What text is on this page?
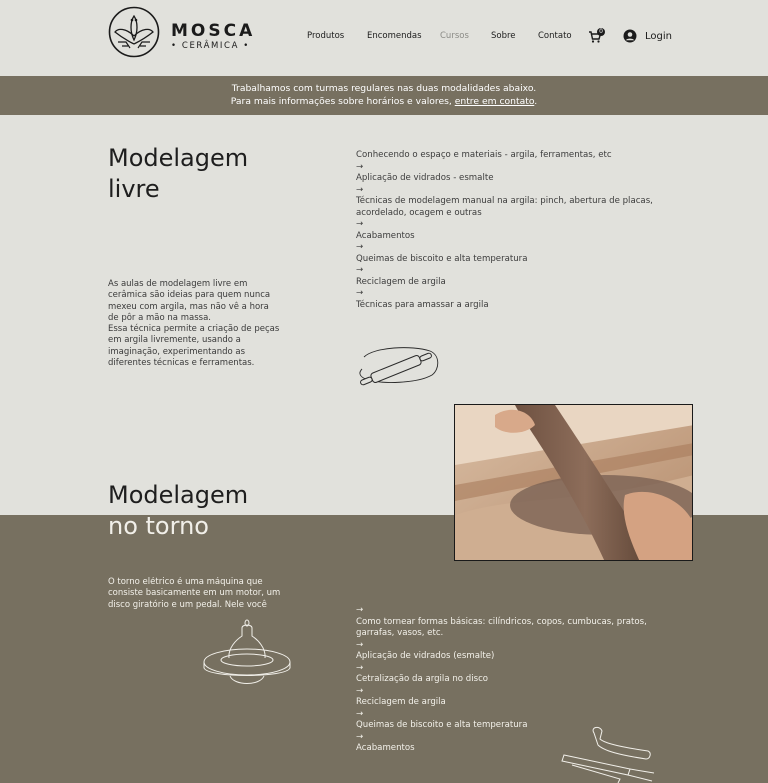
MOSCA
• CERÂMICA •
Produtos	Encomendas Cursos	Sobre	Contato	0	Login
Trabalhamos com turmas regulares nas duas modalidades abaixo.
Para mais informações sobre horários e valores, entre em contato.
Modelagem
livre
As aulas de modelagem livre em
cerâmica são ideias para quem nunca
mexeu com argila, mas não vê a hora
de pôr a mão na massa.
Essa técnica permite a criação de peças
em argila livremente, usando a
imaginação, experimentando as
diferentes técnicas e ferramentas.
Conhecendo o espaço e materiais - argila, ferramentas, etc
→
Aplicação de vidrados - esmalte
→
Técnicas de modelagem manual na argila: pinch, abertura de placas, acordelado, ocagem e outras
→
Acabamentos
→
Queimas de biscoito e alta temperatura
→
Reciclagem de argila
→
Técnicas para amassar a argila
Modelagem
no torno
O torno elétrico é uma máquina que
consiste basicamente em um motor, um
disco giratório e um pedal. Nele você
→
Como tornear formas básicas: cilíndricos, copos, cumbucas, pratos, garrafas, vasos, etc.
→
Aplicação de vidrados (esmalte)
→
Cetralização da argila no disco
→
Reciclagem de argila
→
Queimas de biscoito e alta temperatura
→
Acabamentos
